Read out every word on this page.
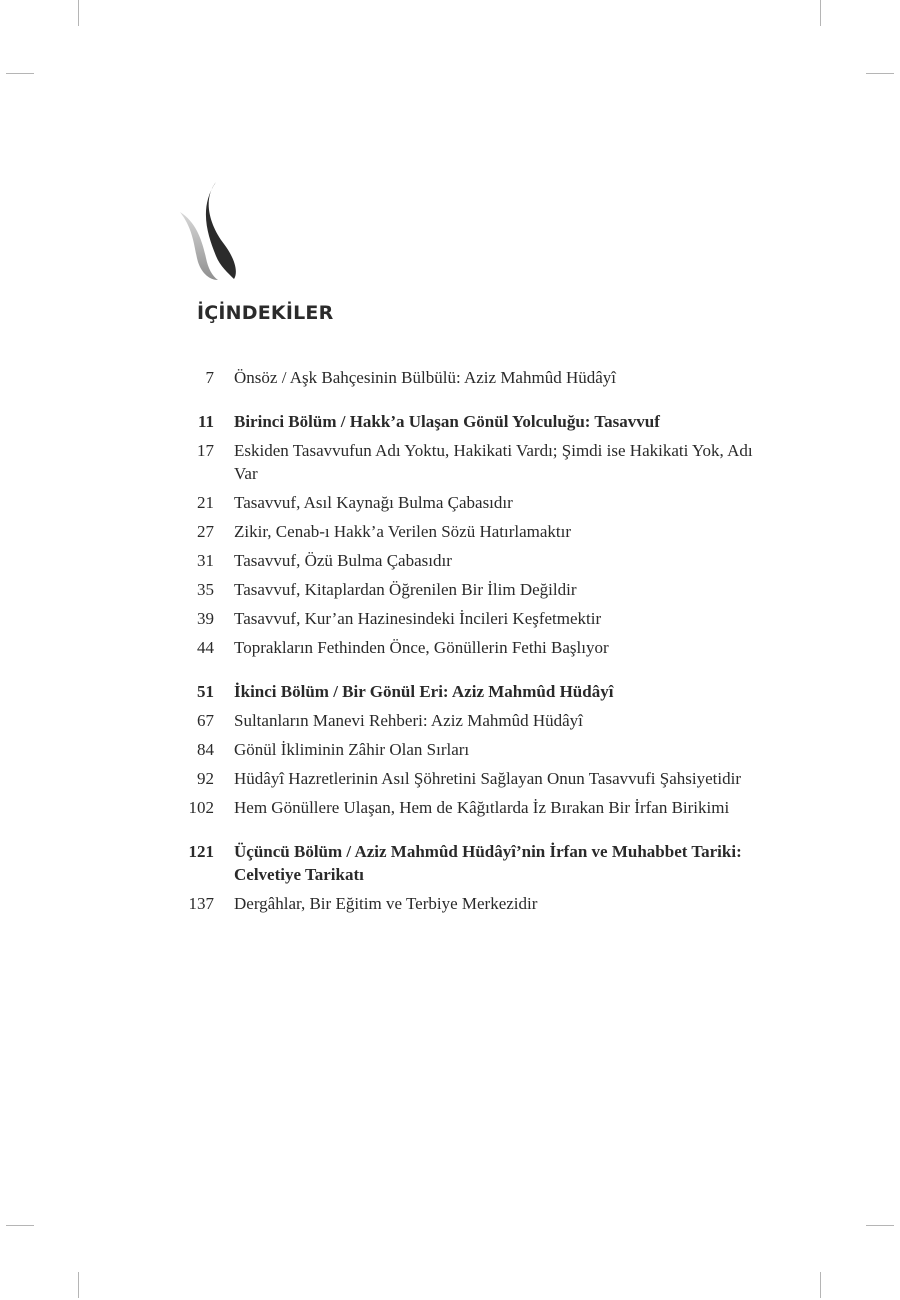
İÇİNDEKİLER
7 Önsöz / Aşk Bahçesinin Bülbülü: Aziz Mahmûd Hüdâyî
11 Birinci Bölüm / Hakk’a Ulaşan Gönül Yolculuğu: Tasavvuf
17 Eskiden Tasavvufun Adı Yoktu, Hakikati Vardı; Şimdi ise Hakikati Yok, Adı Var
21 Tasavvuf, Asıl Kaynağı Bulma Çabasıdır
27 Zikir, Cenab-ı Hakk’a Verilen Sözü Hatırlamaktır
31 Tasavvuf, Özü Bulma Çabasıdır
35 Tasavvuf, Kitaplardan Öğrenilen Bir İlim Değildir
39 Tasavvuf, Kur’an Hazinesindeki İncileri Keşfetmektir
44 Toprakların Fethinden Önce, Gönüllerin Fethi Başlıyor
51 İkinci Bölüm / Bir Gönül Eri: Aziz Mahmûd Hüdâyî
67 Sultanların Manevi Rehberi: Aziz Mahmûd Hüdâyî
84 Gönül İkliminin Zâhir Olan Sırları
92 Hüdâyî Hazretlerinin Asıl Şöhretini Sağlayan Onun Tasavvufi Şahsiyetidir
102 Hem Gönüllere Ulaşan, Hem de Kâğıtlarda İz Bırakan Bir İrfan Birikimi
121 Üçüncü Bölüm / Aziz Mahmûd Hüdâyî’nin İrfan ve Muhabbet Tariki: Celvetiye Tarikatı
137 Dergâhlar, Bir Eğitim ve Terbiye Merkezidir
